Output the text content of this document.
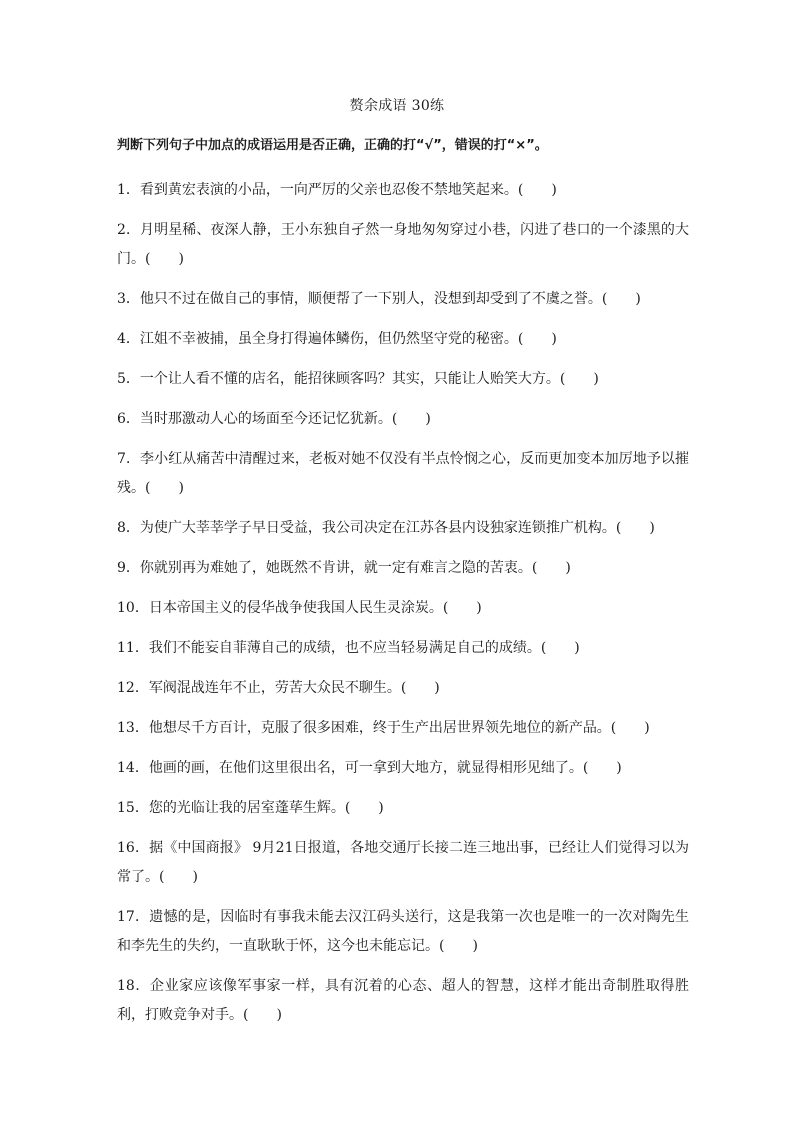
赘余成语 30练
判断下列句子中加点的成语运用是否正确，正确的打“√”，错误的打“×”。
1．看到黄宏表演的小品，一向严厉的父亲也忍俊不禁地笑起来。(　　)
2．月明星稀、夜深人静，王小东独自孑然一身地匆匆穿过小巷，闪进了巷口的一个漆黑的大门。(　　)
3．他只不过在做自己的事情，顺便帮了一下别人，没想到却受到了不虞之誉。(　　)
4．江姐不幸被捕，虽全身打得遍体鳞伤，但仍然坚守党的秘密。(　　)
5．一个让人看不懂的店名，能招徕顾客吗？其实，只能让人贻笑大方。(　　)
6．当时那激动人心的场面至今还记忆犹新。(　　)
7．李小红从痛苦中清醒过来，老板对她不仅没有半点怜悯之心，反而更加变本加厉地予以摧残。(　　)
8．为使广大莘莘学子早日受益，我公司决定在江苏各县内设独家连锁推广机构。(　　)
9．你就别再为难她了，她既然不肯讲，就一定有难言之隐的苦衷。(　　)
10．日本帝国主义的侵华战争使我国人民生灵涂炭。(　　)
11．我们不能妄自菲薄自己的成绩，也不应当轻易满足自己的成绩。(　　)
12．军阀混战连年不止，劳苦大众民不聊生。(　　)
13．他想尽千方百计，克服了很多困难，终于生产出居世界领先地位的新产品。(　　)
14．他画的画，在他们这里很出名，可一拿到大地方，就显得相形见绌了。(　　)
15．您的光临让我的居室蓬荜生辉。(　　)
16．据《中国商报》 9月21日报道，各地交通厅长接二连三地出事，已经让人们觉得习以为常了。(　　)
17．遗憾的是，因临时有事我未能去汉江码头送行，这是我第一次也是唯一的一次对陶先生和李先生的失约，一直耿耿于怀，这今也未能忘记。(　　)
18．企业家应该像军事家一样，具有沉着的心态、超人的智慧，这样才能出奇制胜取得胜利，打败竞争对手。(　　)
